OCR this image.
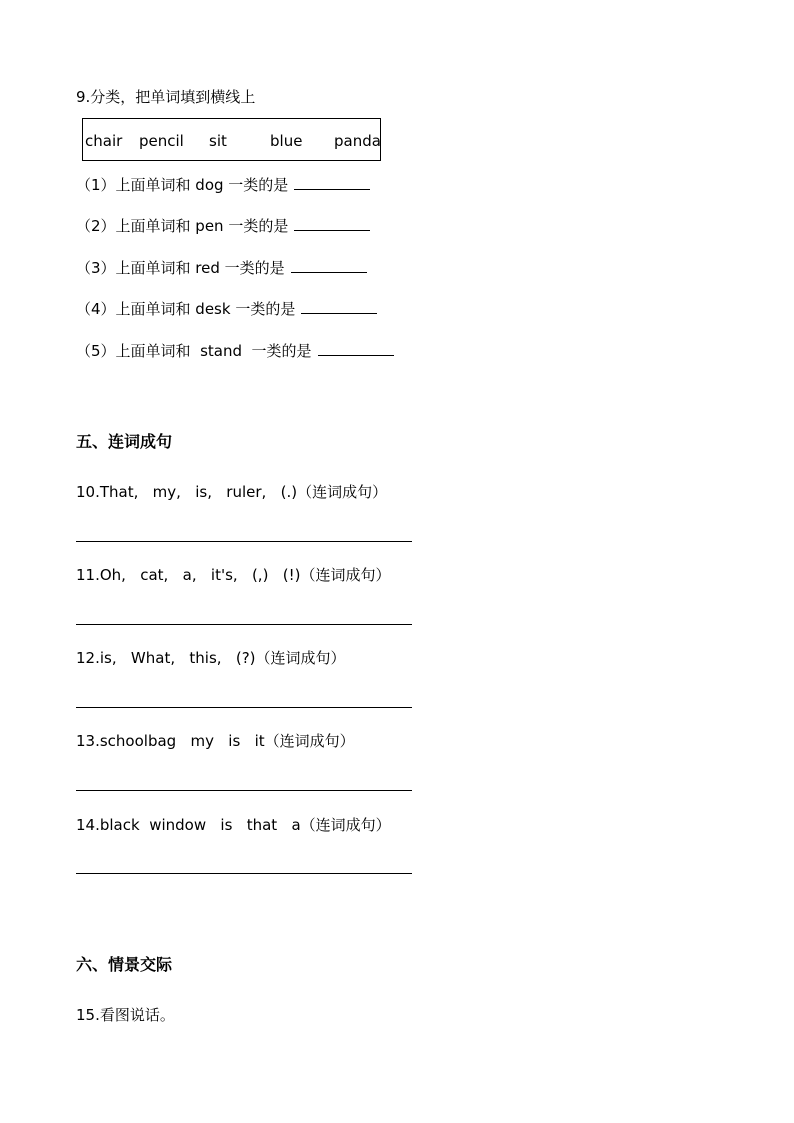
9.分类，把单词填到横线上
chair pencil sit	blue panda
（1）上面单词和 dog 一类的是
（2）上面单词和 pen 一类的是
（3）上面单词和 red 一类的是
（4）上面单词和 desk 一类的是
（5）上面单词和  stand  一类的是
五、连词成句
10.That,   my,   is,   ruler,   (.)（连词成句）
11.Oh,   cat,   a,   it's,   (,)   (!)（连词成句）
12.is,   What,   this,   (?)（连词成句）
13.schoolbag   my   is   it（连词成句）
14.black  window   is   that   a（连词成句）
六、情景交际
15.看图说话。
